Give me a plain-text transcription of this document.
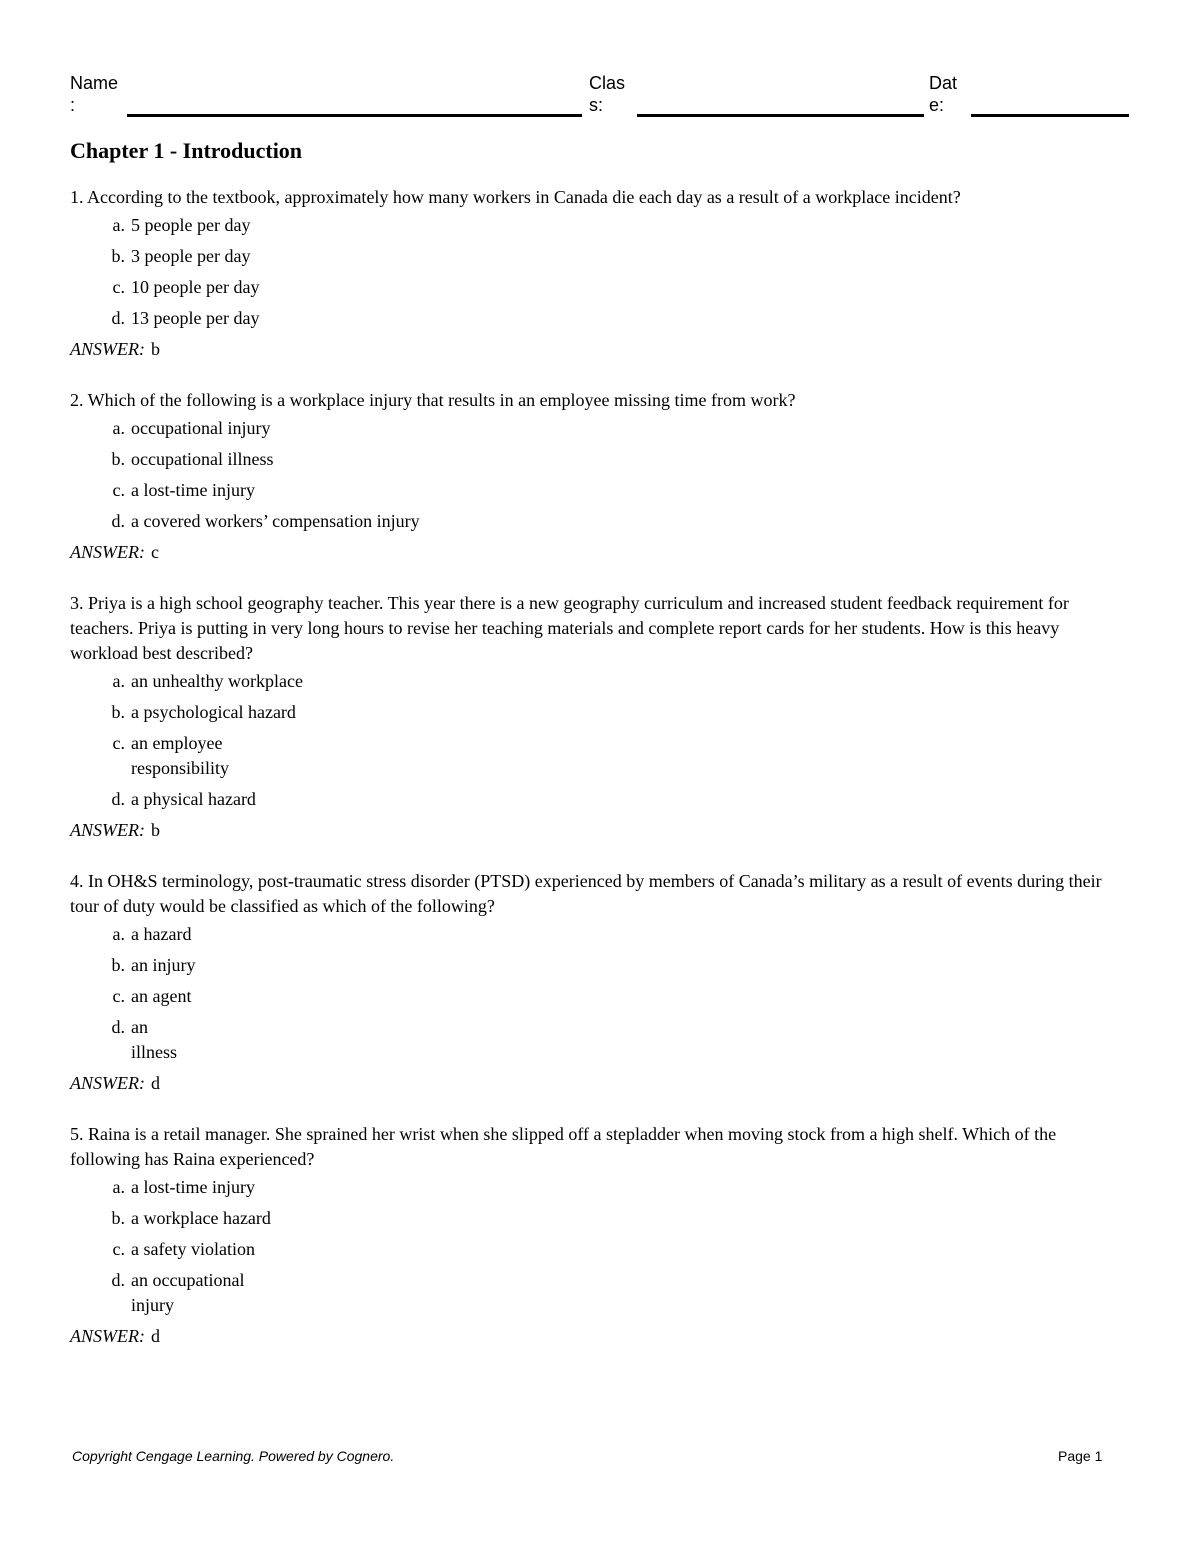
Name
:
Clas
s:
Dat
e:
Chapter 1 - Introduction

1. According to the textbook, approximately how many workers in Canada die each day as a result of a workplace incident?

a. 5 people per day
b. 3 people per day
c. 10 people per day
d. 13 people per day
ANSWER: b

2. Which of the following is a workplace injury that results in an employee missing time from work?

a. occupational injury
b. occupational illness
c. a lost-time injury
d. a covered workers’ compensation injury
ANSWER: c

3. Priya is a high school geography teacher. This year there is a new geography curriculum and increased student feedback requirement for teachers. Priya is putting in very long hours to revise her teaching materials and complete report cards for her students. How is this heavy workload best described?

a. an unhealthy workplace
b. a psychological hazard
c. an employee responsibility
d. a physical hazard
ANSWER: b

4. In OH&S terminology, post-traumatic stress disorder (PTSD) experienced by members of Canada’s military as a result of events during their tour of duty would be classified as which of the following?

a. a hazard
b. an injury
c. an agent
d. an illness
ANSWER: d

5. Raina is a retail manager. She sprained her wrist when she slipped off a stepladder when moving stock from a high shelf. Which of the following has Raina experienced?

a. a lost-time injury
b. a workplace hazard
c. a safety violation
d. an occupational injury
ANSWER: d
Copyright Cengage Learning. Powered by Cognero.	Page 1
